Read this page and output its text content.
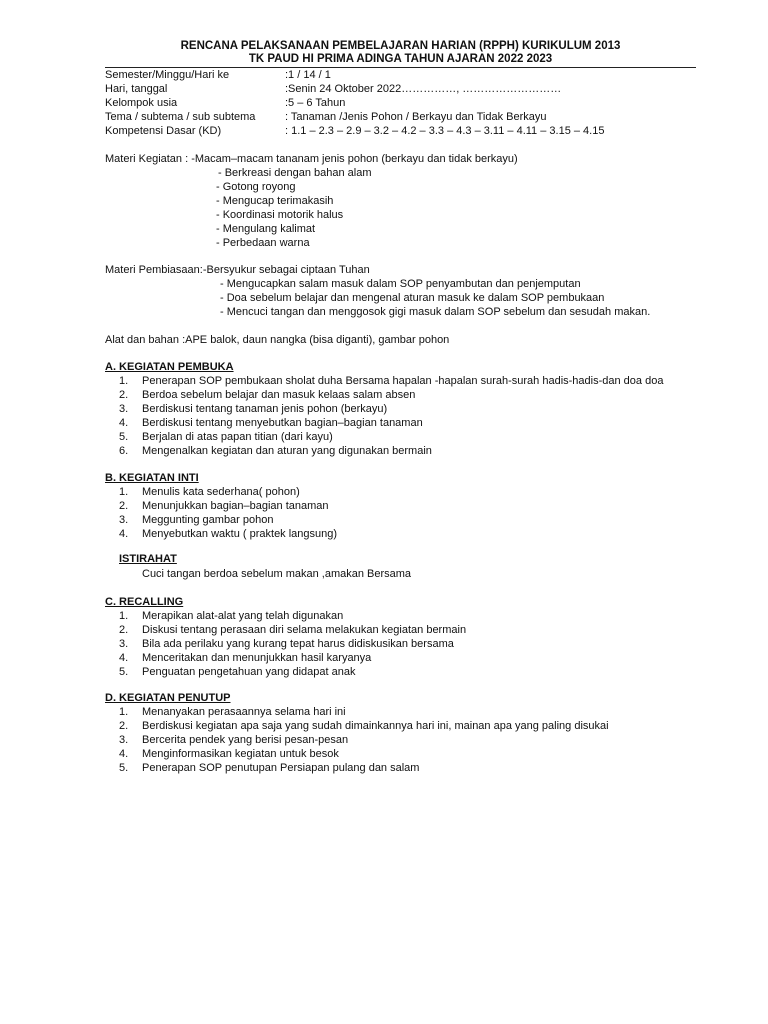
RENCANA PELAKSANAAN PEMBELAJARAN HARIAN (RPPH) KURIKULUM 2013
TK PAUD HI PRIMA ADINGA TAHUN AJARAN 2022 2023
Semester/Minggu/Hari ke	:1 / 14 / 1
Hari, tanggal	:Senin 24 Oktober 2022……………, ………………………
Kelompok usia	:5 – 6 Tahun
Tema / subtema / sub subtema	: Tanaman /Jenis Pohon / Berkayu dan Tidak Berkayu
Kompetensi Dasar (KD)	: 1.1 – 2.3 – 2.9 – 3.2 – 4.2 – 3.3 – 4.3 – 3.11 – 4.11 – 3.15 – 4.15
Materi Kegiatan : -Macam–macam tananam jenis pohon (berkayu dan tidak berkayu)
- Berkreasi dengan bahan alam
- Gotong royong
- Mengucap terimakasih
- Koordinasi motorik halus
- Mengulang kalimat
- Perbedaan warna
Materi Pembiasaan:-Bersyukur sebagai ciptaan Tuhan
- Mengucapkan salam masuk dalam SOP penyambutan dan penjemputan
- Doa sebelum belajar dan mengenal aturan masuk ke dalam SOP pembukaan
- Mencuci tangan dan menggosok gigi masuk dalam SOP sebelum dan sesudah makan.
Alat dan bahan :APE balok, daun nangka (bisa diganti), gambar pohon
A. KEGIATAN PEMBUKA
1. Penerapan SOP pembukaan sholat duha Bersama hapalan -hapalan surah-surah hadis-hadis-dan doa doa
2. Berdoa sebelum belajar dan masuk kelaas salam absen
3. Berdiskusi tentang tanaman jenis pohon (berkayu)
4. Berdiskusi tentang menyebutkan bagian–bagian tanaman
5. Berjalan di atas papan titian (dari kayu)
6. Mengenalkan kegiatan dan aturan yang digunakan bermain
B. KEGIATAN INTI
1. Menulis kata sederhana( pohon)
2. Menunjukkan bagian–bagian tanaman
3. Meggunting gambar pohon
4. Menyebutkan waktu ( praktek langsung)
ISTIRAHAT
Cuci tangan berdoa sebelum makan ,amakan Bersama
C. RECALLING
1. Merapikan alat-alat yang telah digunakan
2. Diskusi tentang perasaan diri selama melakukan kegiatan bermain
3. Bila ada perilaku yang kurang tepat harus didiskusikan bersama
4. Menceritakan dan menunjukkan hasil karyanya
5. Penguatan pengetahuan yang didapat anak
D. KEGIATAN PENUTUP
1. Menanyakan perasaannya selama hari ini
2. Berdiskusi kegiatan apa saja yang sudah dimainkannya hari ini, mainan apa yang paling disukai
3. Bercerita pendek yang berisi pesan-pesan
4. Menginformasikan kegiatan untuk besok
5. Penerapan SOP penutupan Persiapan pulang dan salam
